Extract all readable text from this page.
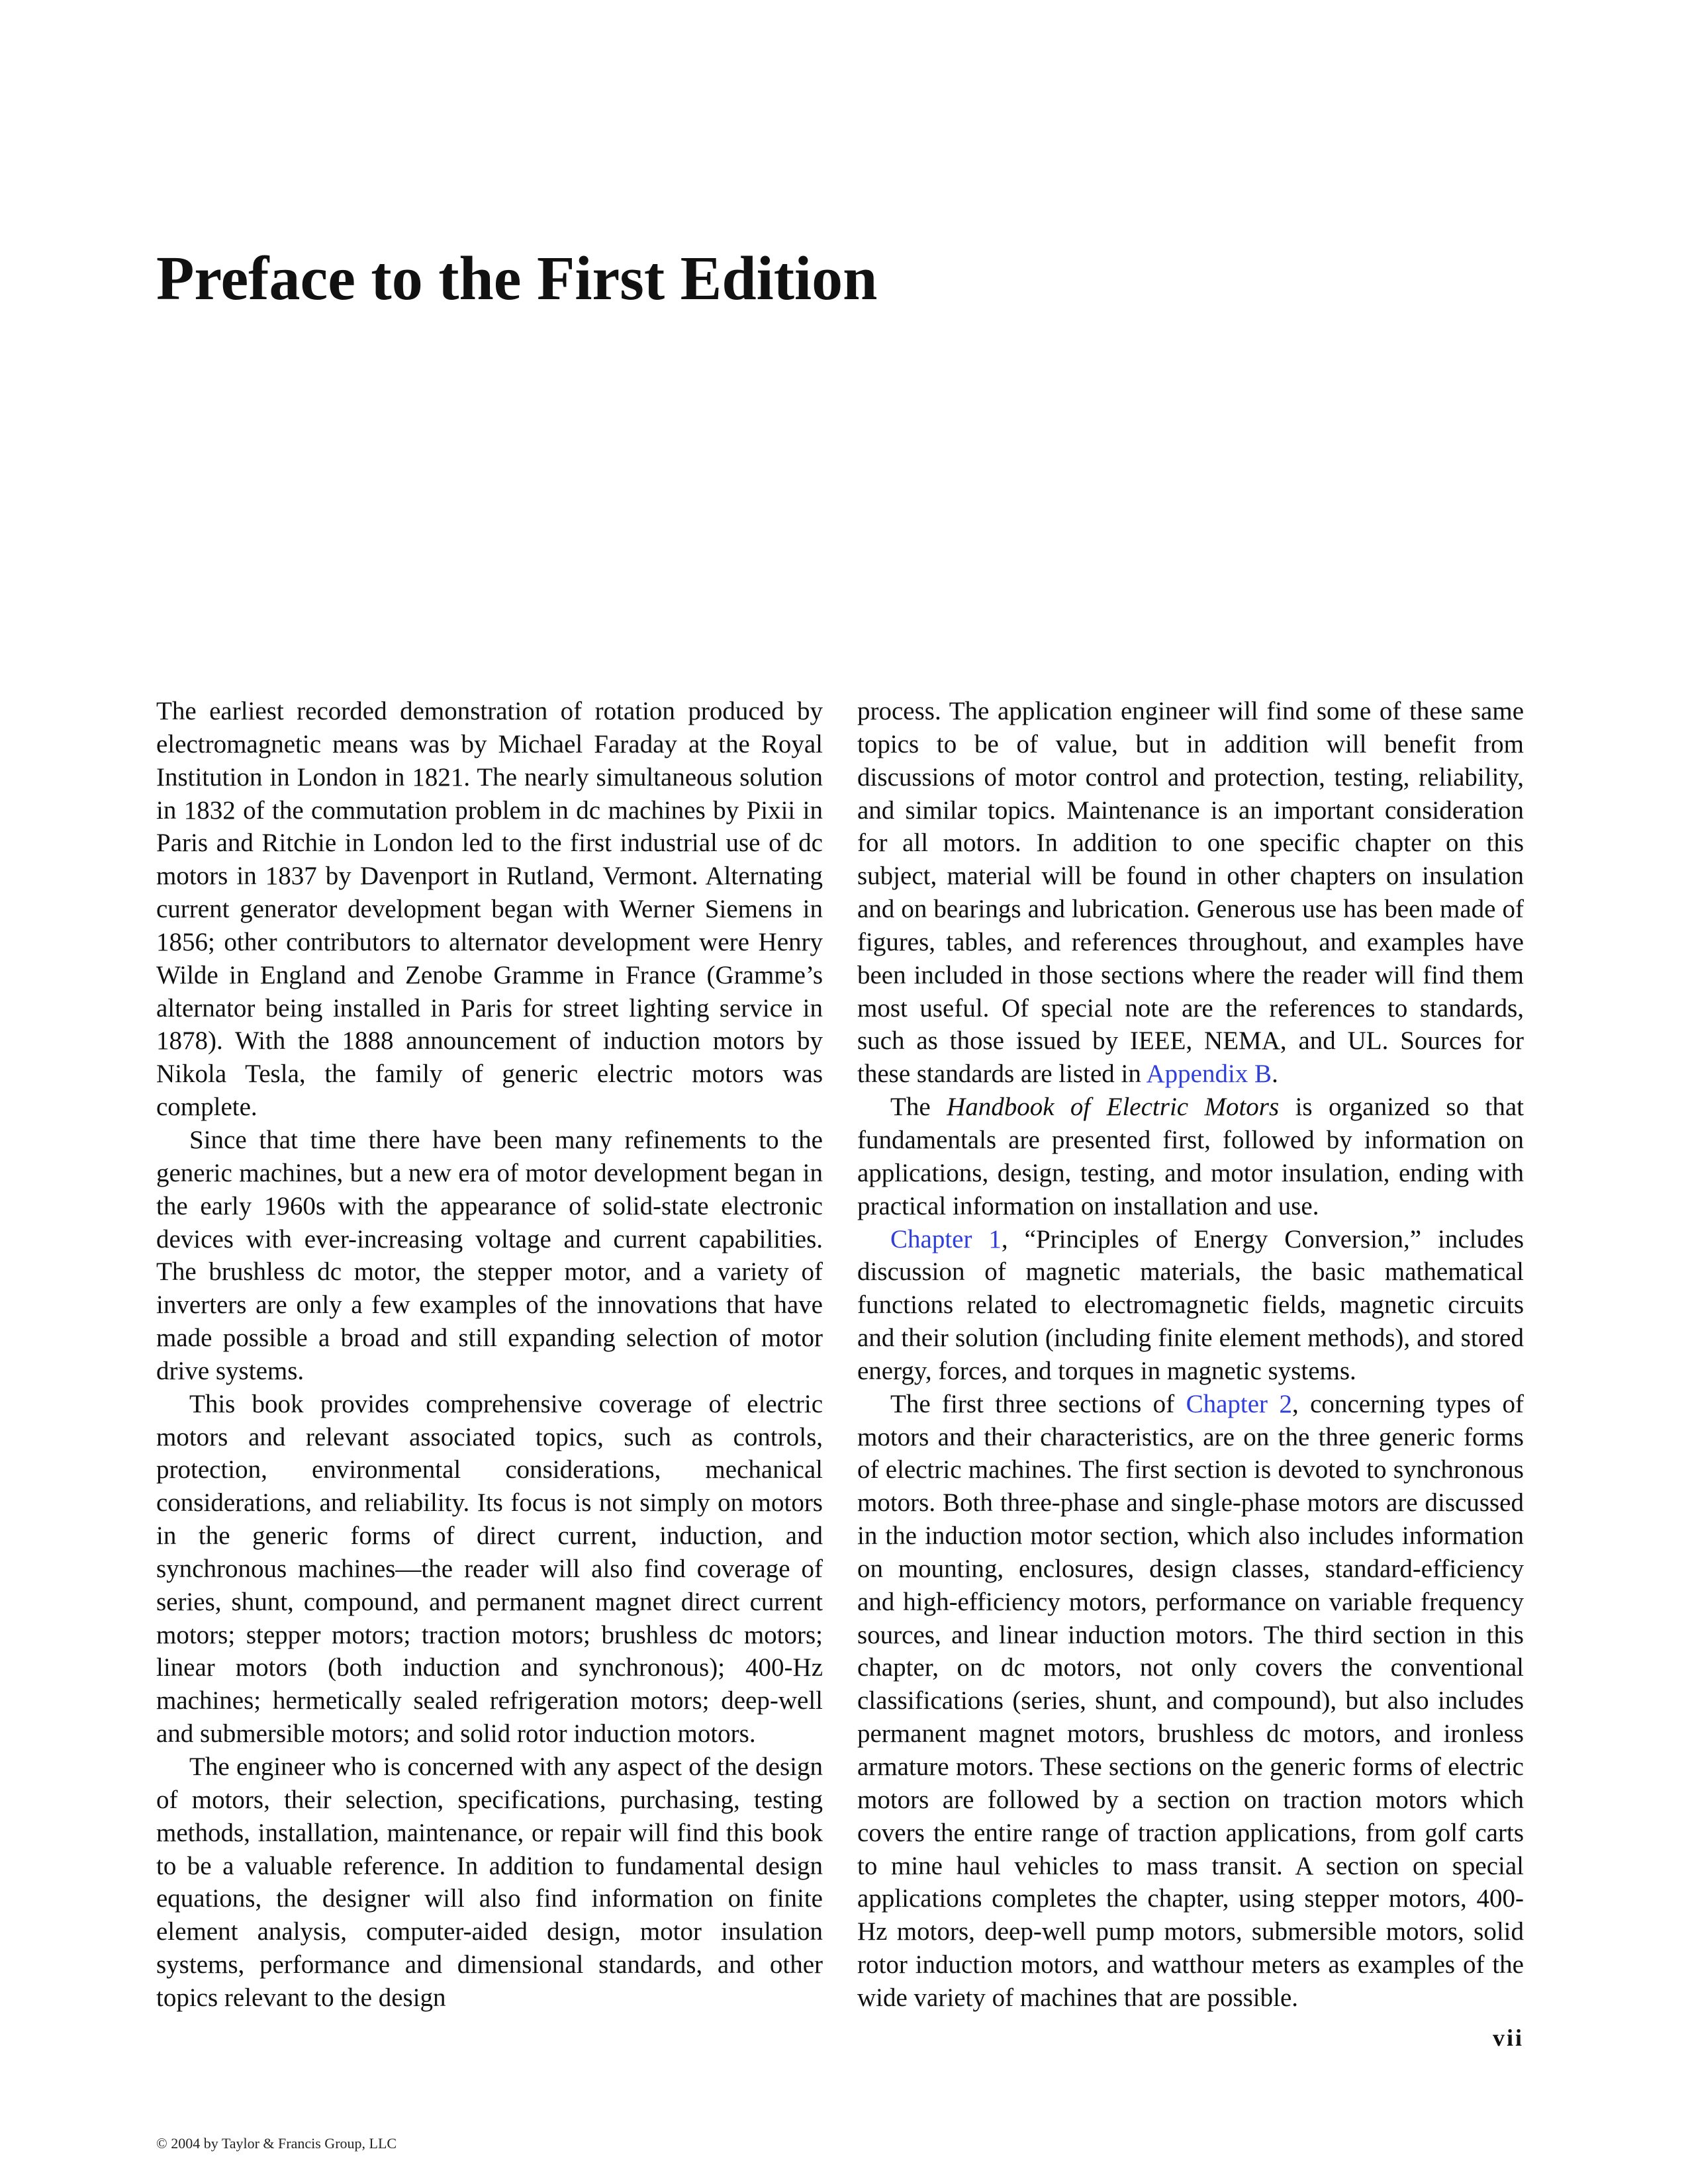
Preface to the First Edition

The earliest recorded demonstration of rotation produced by electromagnetic means was by Michael Faraday at the Royal Institution in London in 1821. The nearly simultaneous solution in 1832 of the commutation problem in dc machines by Pixii in Paris and Ritchie in London led to the first industrial use of dc motors in 1837 by Davenport in Rutland, Vermont. Alternating current generator development began with Werner Siemens in 1856; other contributors to alternator development were Henry Wilde in England and Zenobe Gramme in France (Gramme’s alternator being installed in Paris for street lighting service in 1878). With the 1888 announcement of induction motors by Nikola Tesla, the family of generic electric motors was complete.

Since that time there have been many refinements to the generic machines, but a new era of motor development began in the early 1960s with the appearance of solid-state electronic devices with ever-increasing voltage and current capabilities. The brushless dc motor, the stepper motor, and a variety of inverters are only a few examples of the innovations that have made possible a broad and still expanding selection of motor drive systems.

This book provides comprehensive coverage of electric motors and relevant associated topics, such as controls, protection, environmental considerations, mechanical considerations, and reliability. Its focus is not simply on motors in the generic forms of direct current, induction, and synchronous machines—the reader will also find coverage of series, shunt, compound, and permanent magnet direct current motors; stepper motors; traction motors; brushless dc motors; linear motors (both induction and synchronous); 400-Hz machines; hermetically sealed refrigeration motors; deep-well and submersible motors; and solid rotor induction motors.

The engineer who is concerned with any aspect of the design of motors, their selection, specifications, purchasing, testing methods, installation, maintenance, or repair will find this book to be a valuable reference. In addition to fundamental design equations, the designer will also find information on finite element analysis, computer-aided design, motor insulation systems, performance and dimensional standards, and other topics relevant to the design

process. The application engineer will find some of these same topics to be of value, but in addition will benefit from discussions of motor control and protection, testing, reliability, and similar topics. Maintenance is an important consideration for all motors. In addition to one specific chapter on this subject, material will be found in other chapters on insulation and on bearings and lubrication. Generous use has been made of figures, tables, and references throughout, and examples have been included in those sections where the reader will find them most useful. Of special note are the references to standards, such as those issued by IEEE, NEMA, and UL. Sources for these standards are listed in Appendix B.

The Handbook of Electric Motors is organized so that fundamentals are presented first, followed by information on applications, design, testing, and motor insulation, ending with practical information on installation and use.

Chapter 1, “Principles of Energy Conversion,” includes discussion of magnetic materials, the basic mathematical functions related to electromagnetic fields, magnetic circuits and their solution (including finite element methods), and stored energy, forces, and torques in magnetic systems.

The first three sections of Chapter 2, concerning types of motors and their characteristics, are on the three generic forms of electric machines. The first section is devoted to synchronous motors. Both three-phase and single-phase motors are discussed in the induction motor section, which also includes information on mounting, enclosures, design classes, standard-efficiency and high-efficiency motors, performance on variable frequency sources, and linear induction motors. The third section in this chapter, on dc motors, not only covers the conventional classifications (series, shunt, and compound), but also includes permanent magnet motors, brushless dc motors, and ironless armature motors. These sections on the generic forms of electric motors are followed by a section on traction motors which covers the entire range of traction applications, from golf carts to mine haul vehicles to mass transit. A section on special applications completes the chapter, using stepper motors, 400-Hz motors, deep-well pump motors, submersible motors, solid rotor induction motors, and watthour meters as examples of the wide variety of machines that are possible.

vii
© 2004 by Taylor & Francis Group, LLC
